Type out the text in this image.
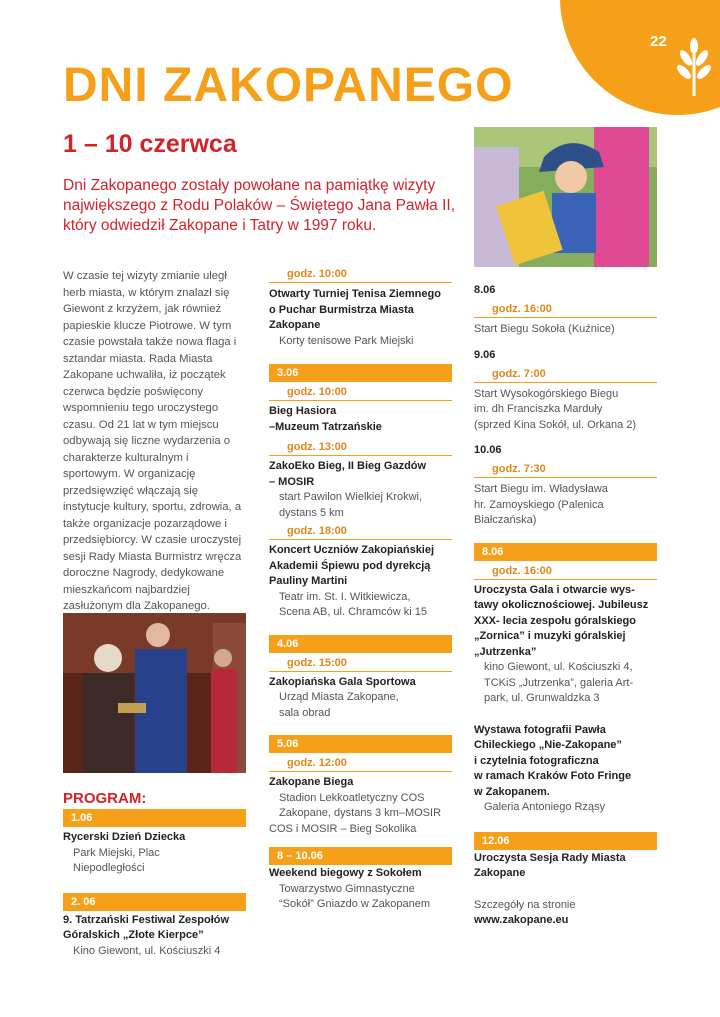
22
DNI ZAKOPANEGO
1 – 10 czerwca

Dni Zakopanego zostały powołane na pamiątkę wizyty największego z Rodu Polaków – Świętego Jana Pawła II, który odwiedził Zakopane i Tatry w 1997 roku.

W czasie tej wizyty zmianie uległ herb miasta, w którym znalazł się Giewont z krzyżem, jak również papieskie klucze Piotrowe. W tym czasie powstała także nowa flaga i sztandar miasta. Rada Miasta Zakopane uchwaliła, iż początek czerwca będzie poświęcony wspomnieniu tego uroczystego czasu. Od 21 lat w tym miejscu odbywają się liczne wydarzenia o charakterze kulturalnym i sportowym. W organizację przedsięwzięć włączają się instytucje kultury, sportu, zdrowia, a także organizacje pozarządowe i przedsiębiorcy. W czasie uroczystej sesji Rady Miasta Burmistrz wręcza doroczne Nagrody, dedykowane mieszkańcom najbardziej zasłużonym dla Zakopanego.

PROGRAM:
1.06
Rycerski Dzień Dziecka
Park Miejski, Plac
Niepodległości
2. 06
9. Tatrzański Festiwal Zespołów
Góralskich „Złote Kierpce”
Kino Giewont, ul. Kościuszki 4
godz. 10:00
Otwarty Turniej Tenisa Ziemnego
o Puchar Burmistrza Miasta
Zakopane
Korty tenisowe Park Miejski
3.06
godz. 10:00
Bieg Hasiora
–Muzeum Tatrzańskie
godz. 13:00
ZakoEko Bieg, II Bieg Gazdów
– MOSIR
start Pawilon Wielkiej Krokwi,
dystans 5 km
godz. 18:00
Koncert Uczniów Zakopiańskiej
Akademii Śpiewu pod dyrekcją
Pauliny Martini
Teatr im. St. I. Witkiewicza,
Scena AB, ul. Chramców ki 15
4.06
godz. 15:00
Zakopiańska Gala Sportowa
Urząd Miasta Zakopane,
sala obrad
5.06
godz. 12:00
Zakopane Biega
Stadion Lekkoatletyczny COS
Zakopane, dystans 3 km–MOSIR
COS i MOSIR – Bieg Sokolika
8 – 10.06
Weekend biegowy z Sokołem
Towarzystwo Gimnastyczne
“Sokół” Gniazdo w Zakopanem
8.06
godz. 16:00
Start Biegu Sokoła (Kuźnice)
9.06
godz. 7:00
Start Wysokogórskiego Biegu
im. dh Franciszka Marduły
(sprzed Kina Sokół, ul. Orkana 2)
10.06
godz. 7:30
Start Biegu im. Władysława
hr. Zamoyskiego (Palenica
Białczańska)
8.06
godz. 16:00
Uroczysta Gala i otwarcie wys-
tawy okolicznościowej. Jubileusz
XXX- lecia zespołu góralskiego
„Zornica” i muzyki góralskiej
„Jutrzenka”
kino Giewont, ul. Kościuszki 4,
TCKiS „Jutrzenka”, galeria Art-
park, ul. Grunwaldzka 3
Wystawa fotografii Pawła
Chileckiego „Nie-Zakopane”
i czytelnia fotograficzna
w ramach Kraków Foto Fringe
w Zakopanem.
Galeria Antoniego Rząsy
12.06
Uroczysta Sesja Rady Miasta
Zakopane
Szczegóły na stronie
www.zakopane.eu
